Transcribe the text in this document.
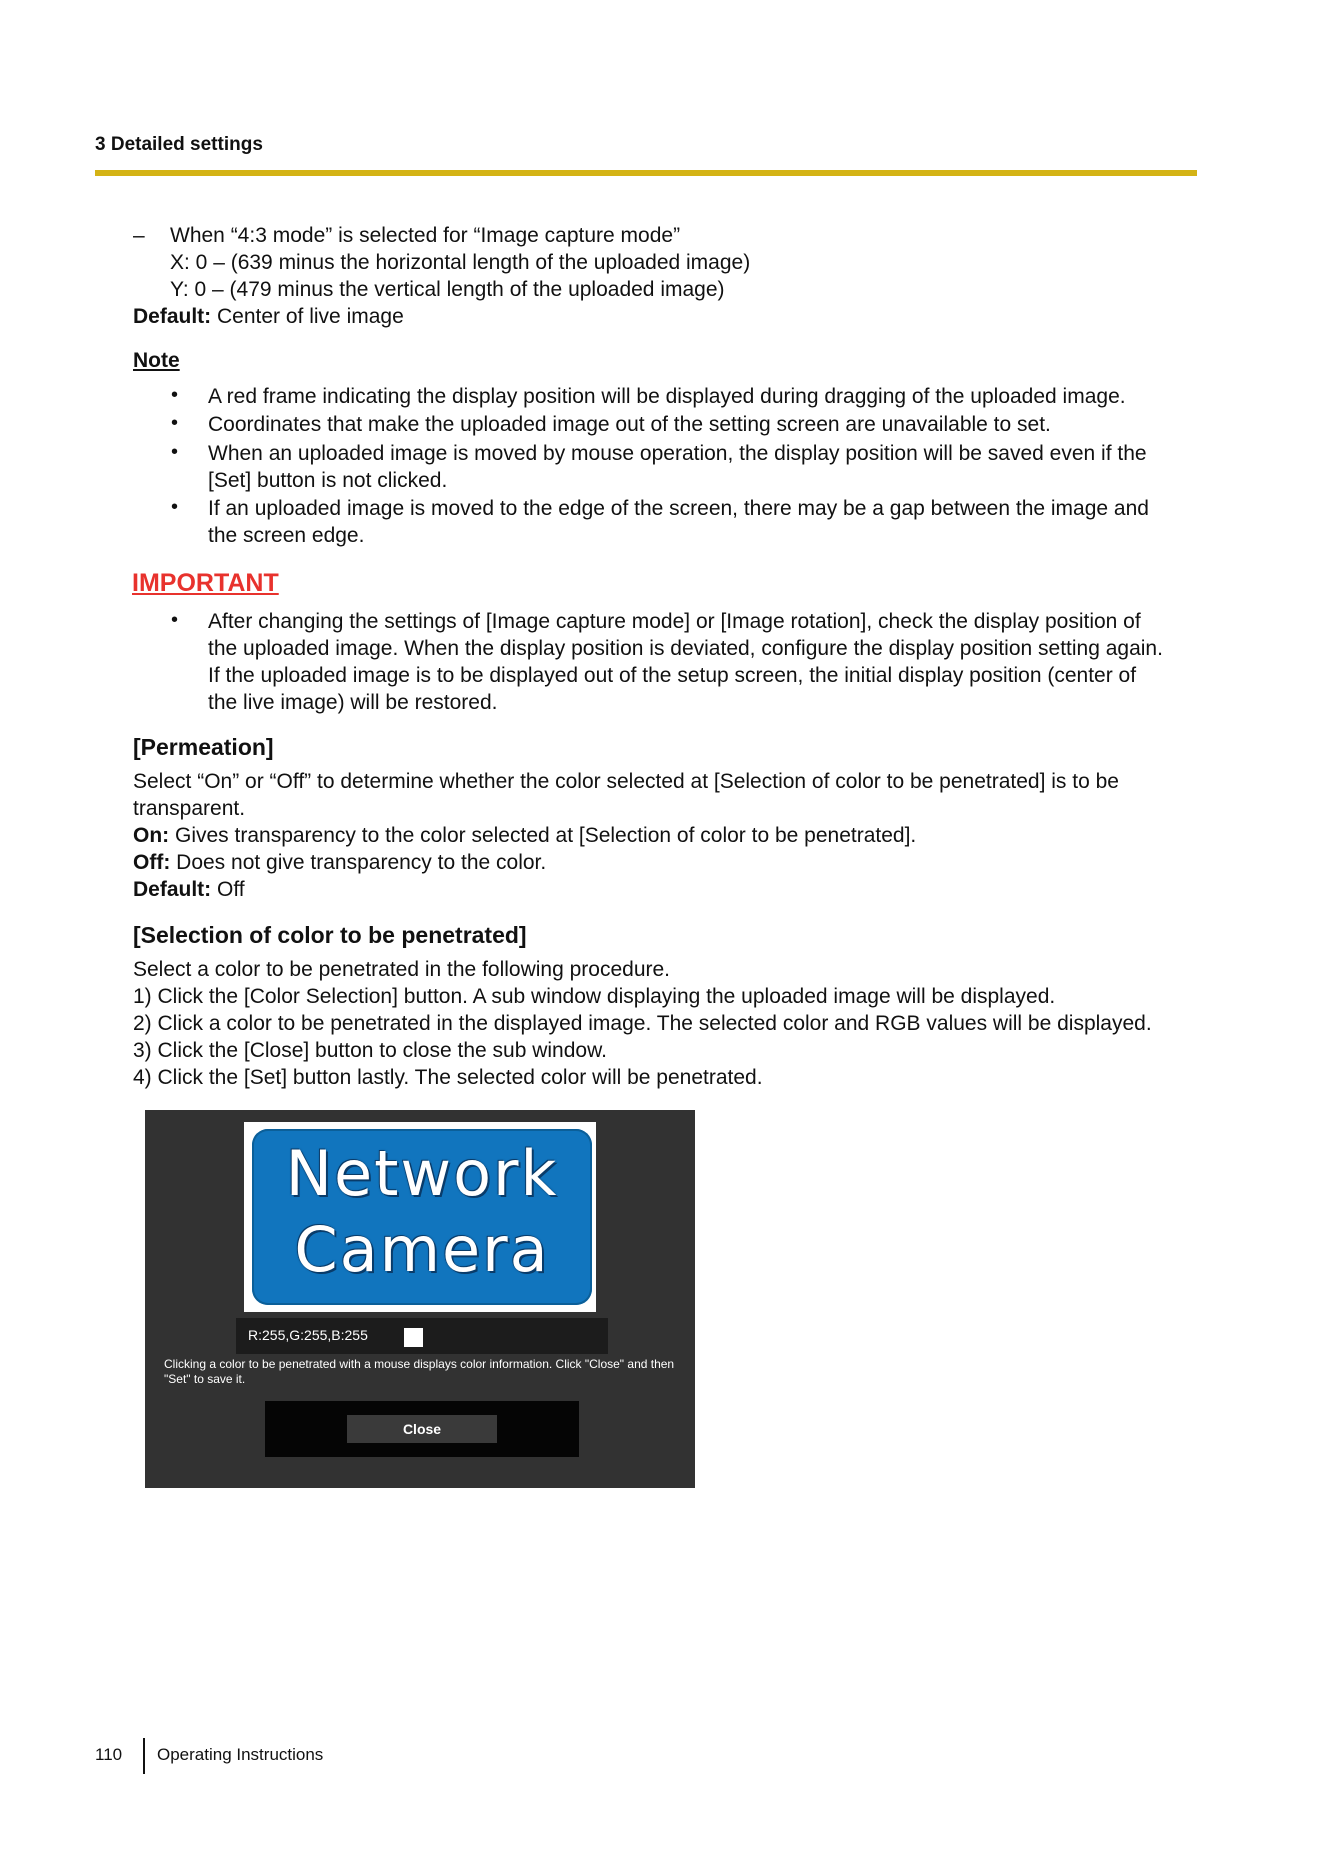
3 Detailed settings
– When “4:3 mode” is selected for “Image capture mode”
X: 0 – (639 minus the horizontal length of the uploaded image)
Y: 0 – (479 minus the vertical length of the uploaded image)
Default: Center of live image
Note
• A red frame indicating the display position will be displayed during dragging of the uploaded image.
• Coordinates that make the uploaded image out of the setting screen are unavailable to set.
• When an uploaded image is moved by mouse operation, the display position will be saved even if the
[Set] button is not clicked.
• If an uploaded image is moved to the edge of the screen, there may be a gap between the image and
the screen edge.
IMPORTANT
• After changing the settings of [Image capture mode] or [Image rotation], check the display position of
the uploaded image. When the display position is deviated, configure the display position setting again.
If the uploaded image is to be displayed out of the setup screen, the initial display position (center of
the live image) will be restored.
[Permeation]
Select “On” or “Off” to determine whether the color selected at [Selection of color to be penetrated] is to be
transparent.
On: Gives transparency to the color selected at [Selection of color to be penetrated].
Off: Does not give transparency to the color.
Default: Off
[Selection of color to be penetrated]
Select a color to be penetrated in the following procedure.
1) Click the [Color Selection] button. A sub window displaying the uploaded image will be displayed.
2) Click a color to be penetrated in the displayed image. The selected color and RGB values will be displayed.
3) Click the [Close] button to close the sub window.
4) Click the [Set] button lastly. The selected color will be penetrated.
Network
Camera
R:255,G:255,B:255
Clicking a color to be penetrated with a mouse displays color information. Click "Close" and then "Set" to save it.
Close
110 Operating Instructions
